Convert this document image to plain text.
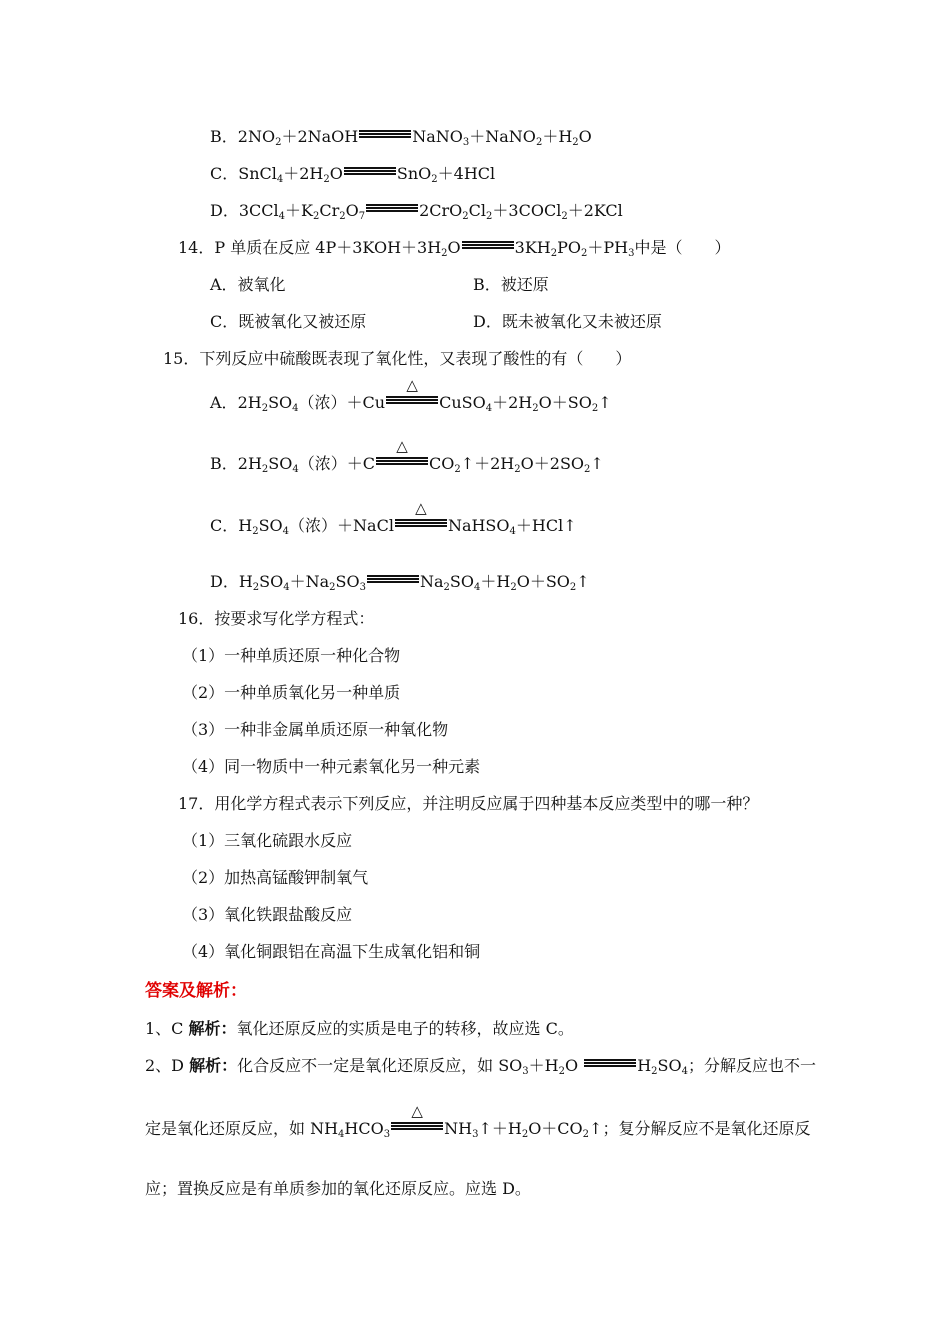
B．$2NO_2+2NaOH$	$NaNO_3+NaNO_2+H_2O$
C．$SnCl_4+2H_2O$	SnO$_2$＋4HCl
D．$3CCl_4+K_2Cr_2O_7$	$2CrO_2Cl_2+3COCl_2+2KCl$
14．P 单质在反应 $4P+3KOH+3H_2O$	$3KH_2PO_2+PH_3$中是（　　）
A．被氧化	B．被还原
C．既被氧化又被还原	D．既未被氧化又未被还原
15．下列反应中硫酸既表现了氧化性，又表现了酸性的有（　　）
A．$2H_2SO_4$（浓）＋Cu
△
$CuSO_4+2H_2O+SO_2↑$
B．$2H_2SO_4$（浓）＋C
△
$CO_2↑+2H_2O+2SO_2↑$
C．$H_2SO_4$（浓）＋NaCl
△
NaHSO$_4$＋HCl↑
D．$H_2SO_4+Na_2SO_3$	$Na_2SO_4+H_2O+SO_2↑$
16．按要求写化学方程式：
（1）一种单质还原一种化合物
（2）一种单质氧化另一种单质
（3）一种非金属单质还原一种氧化物
（4）同一物质中一种元素氧化另一种元素
17．用化学方程式表示下列反应，并注明反应属于四种基本反应类型中的哪一种？
（1）三氧化硫跟水反应
（2）加热高锰酸钾制氧气
（3）氧化铁跟盐酸反应
（4）氧化铜跟铝在高温下生成氧化铝和铜
答案及解析：
1、C 解析：氧化还原反应的实质是电子的转移，故应选 C。
2、D 解析：化合反应不一定是氧化还原反应，如 $SO_3+H_2O$	$H_2SO_4$；分解反应也不一
定是氧化还原反应，如 $NH_4HCO_3$
△
$NH_3↑+H_2O+CO_2↑$；复分解反应不是氧化还原反
应；置换反应是有单质参加的氧化还原反应。应选 D。
